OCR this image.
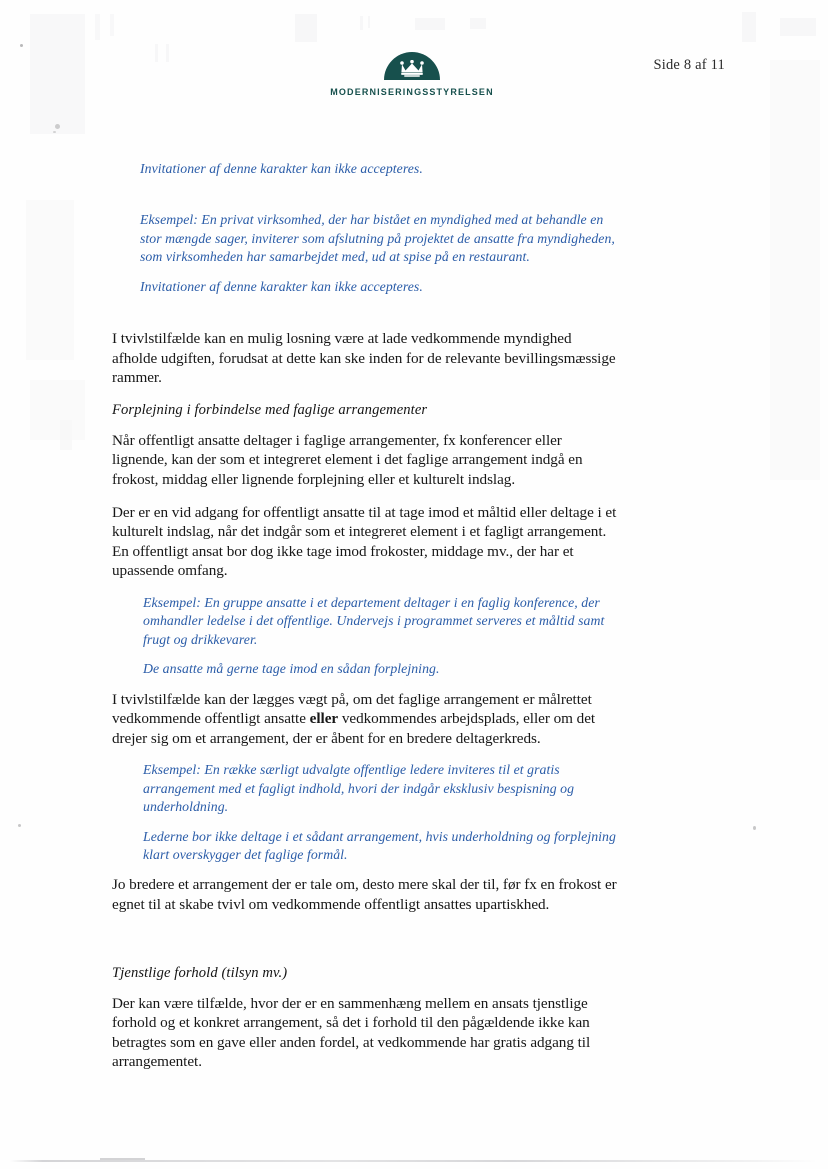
moderniseringsstyrelsen
Side 8 af 11

Invitationer af denne karakter kan ikke accepteres.

Eksempel: En privat virksomhed, der har bistået en myndighed med at behandle en stor mængde sager, inviterer som afslutning på projektet de ansatte fra myndigheden, som virksomheden har samarbejdet med, ud at spise på en restaurant.

Invitationer af denne karakter kan ikke accepteres.

I tvivlstilfælde kan en mulig losning være at lade vedkommende myndighed afholde udgiften, forudsat at dette kan ske inden for de relevante bevillingsmæssige rammer.

Forplejning i forbindelse med faglige arrangementer

Når offentligt ansatte deltager i faglige arrangementer, fx konferencer eller lignende, kan der som et integreret element i det faglige arrangement indgå en frokost, middag eller lignende forplejning eller et kulturelt indslag.

Der er en vid adgang for offentligt ansatte til at tage imod et måltid eller deltage i et kulturelt indslag, når det indgår som et integreret element i et fagligt arrangement. En offentligt ansat bor dog ikke tage imod frokoster, middage mv., der har et upassende omfang.

Eksempel: En gruppe ansatte i et departement deltager i en faglig konference, der omhandler ledelse i det offentlige. Undervejs i programmet serveres et måltid samt frugt og drikkevarer.

De ansatte må gerne tage imod en sådan forplejning.

I tvivlstilfælde kan der lægges vægt på, om det faglige arrangement er målrettet vedkommende offentligt ansatte eller vedkommendes arbejdsplads, eller om det drejer sig om et arrangement, der er åbent for en bredere deltagerkreds.

Eksempel: En række særligt udvalgte offentlige ledere inviteres til et gratis arrangement med et fagligt indhold, hvori der indgår eksklusiv bespisning og underholdning.

Lederne bor ikke deltage i et sådant arrangement, hvis underholdning og forplejning klart overskygger det faglige formål.

Jo bredere et arrangement der er tale om, desto mere skal der til, før fx en frokost er egnet til at skabe tvivl om vedkommende offentligt ansattes upartiskhed.

Tjenstlige forhold (tilsyn mv.)

Der kan være tilfælde, hvor der er en sammenhæng mellem en ansats tjenstlige forhold og et konkret arrangement, så det i forhold til den pågældende ikke kan betragtes som en gave eller anden fordel, at vedkommende har gratis adgang til arrangementet.
